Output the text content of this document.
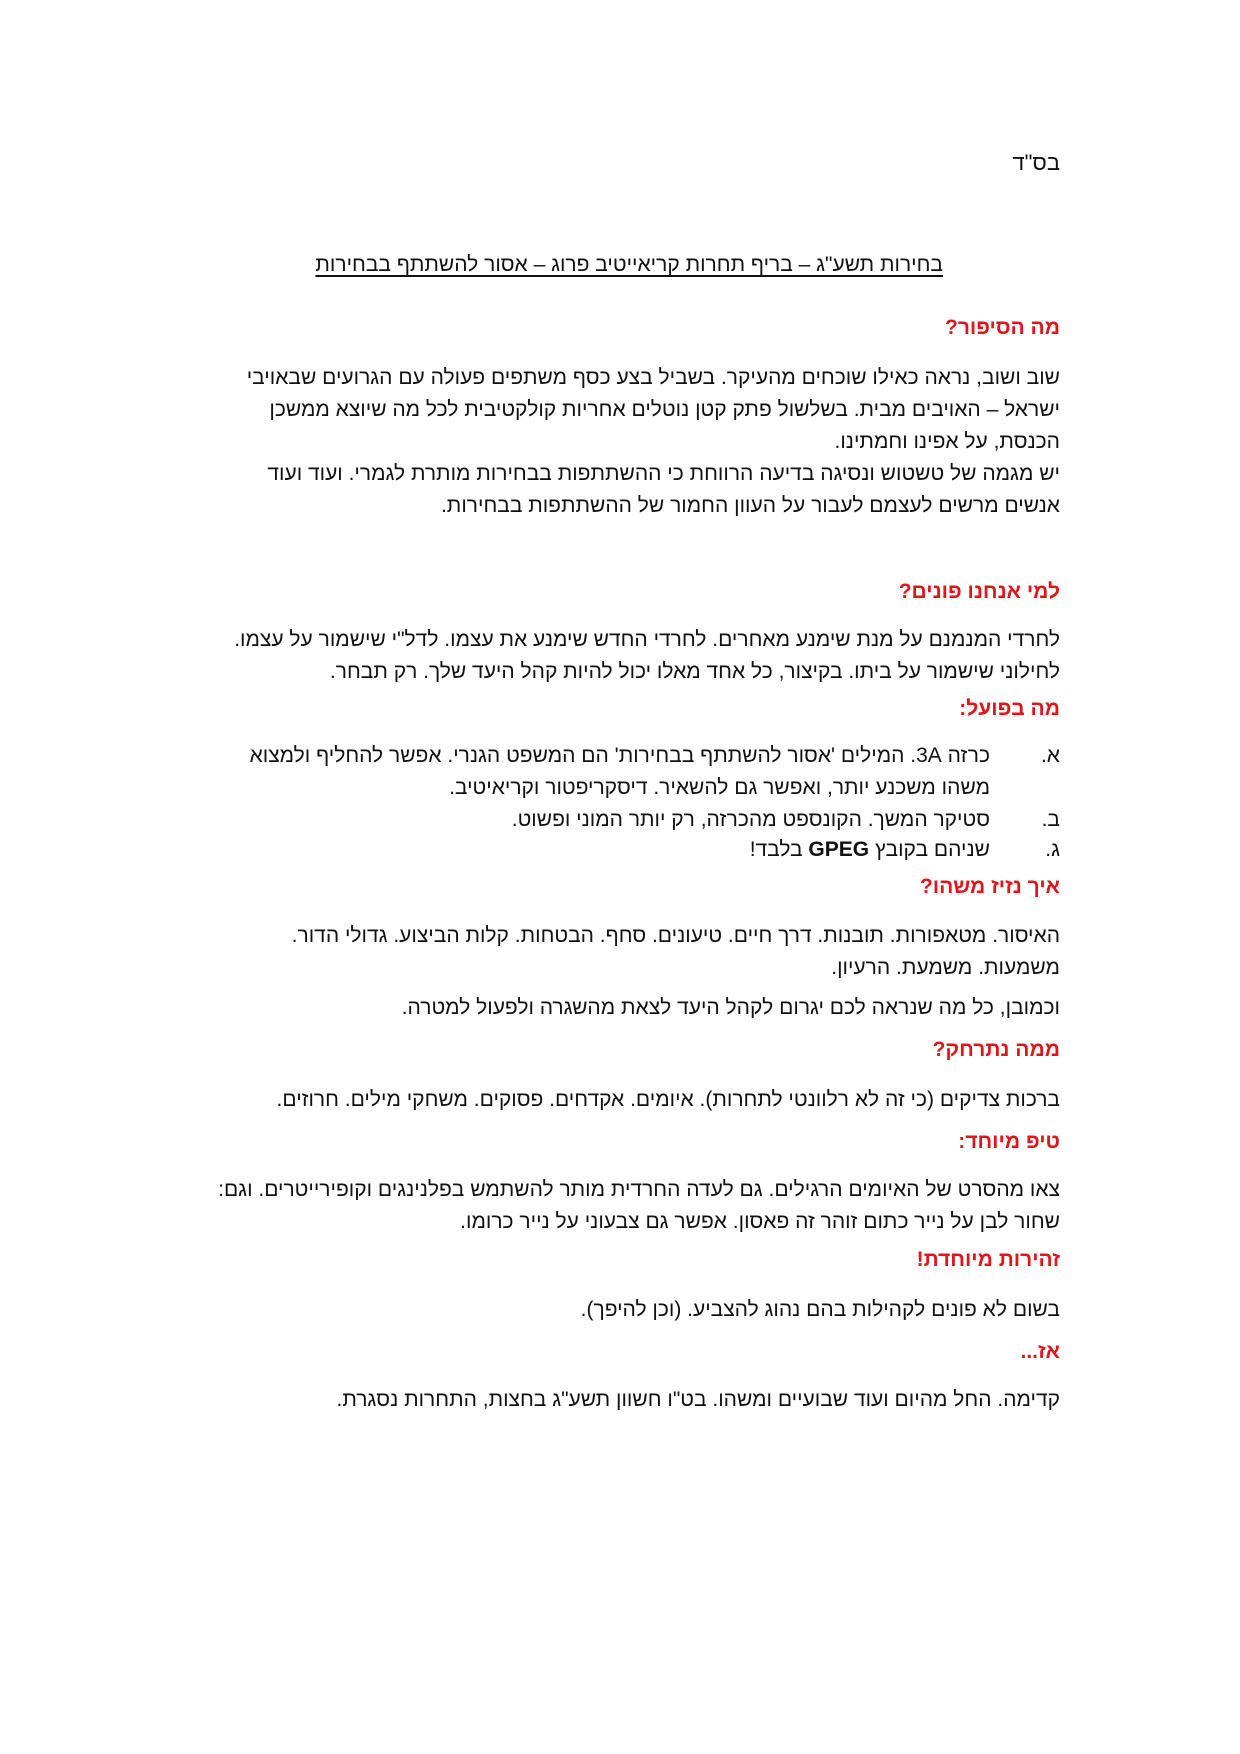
בס"ד
בחירות תשע"ג – בריף תחרות קריאייטיב פרוג – אסור להשתתף בבחירות
מה הסיפור?
שוב ושוב, נראה כאילו שוכחים מהעיקר. בשביל בצע כסף משתפים פעולה עם הגרועים שבאויבי
ישראל – האויבים מבית. בשלשול פתק קטן נוטלים אחריות קולקטיבית לכל מה שיוצא ממשכן
הכנסת, על אפינו וחמתינו.
יש מגמה של טשטוש ונסיגה בדיעה הרווחת כי ההשתתפות בבחירות מותרת לגמרי. ועוד ועוד
אנשים מרשים לעצמם לעבור על העוון החמור של ההשתתפות בבחירות.
למי אנחנו פונים?
לחרדי המנמנם על מנת שימנע מאחרים. לחרדי החדש שימנע את עצמו. לדל"י שישמור על עצמו.
לחילוני שישמור על ביתו. בקיצור, כל אחד מאלו יכול להיות קהל היעד שלך. רק תבחר.
מה בפועל:
א.
כרזה 3A. המילים 'אסור להשתתף בבחירות' הם המשפט הגנרי. אפשר להחליף ולמצוא
משהו משכנע יותר, ואפשר גם להשאיר. דיסקריפטור וקריאיטיב.
ב.
סטיקר המשך. הקונספט מהכרזה, רק יותר המוני ופשוט.
ג.
שניהם בקובץ GPEG בלבד!
איך נזיז משהו?
האיסור. מטאפורות. תובנות. דרך חיים. טיעונים. סחף. הבטחות. קלות הביצוע. גדולי הדור.
משמעות. משמעת. הרעיון.
וכמובן, כל מה שנראה לכם יגרום לקהל היעד לצאת מהשגרה ולפעול למטרה.
ממה נתרחק?
ברכות צדיקים (כי זה לא רלוונטי לתחרות). איומים. אקדחים. פסוקים. משחקי מילים. חרוזים.
טיפ מיוחד:
צאו מהסרט של האיומים הרגילים. גם לעדה החרדית מותר להשתמש בפלנינגים וקופירייטרים. וגם:
שחור לבן על נייר כתום זוהר זה פאסון. אפשר גם צבעוני על נייר כרומו.
זהירות מיוחדת!
בשום לא פונים לקהילות בהם נהוג להצביע. (וכן להיפך).
אז...
קדימה. החל מהיום ועוד שבועיים ומשהו. בט"ו חשוון תשע"ג בחצות, התחרות נסגרת.
